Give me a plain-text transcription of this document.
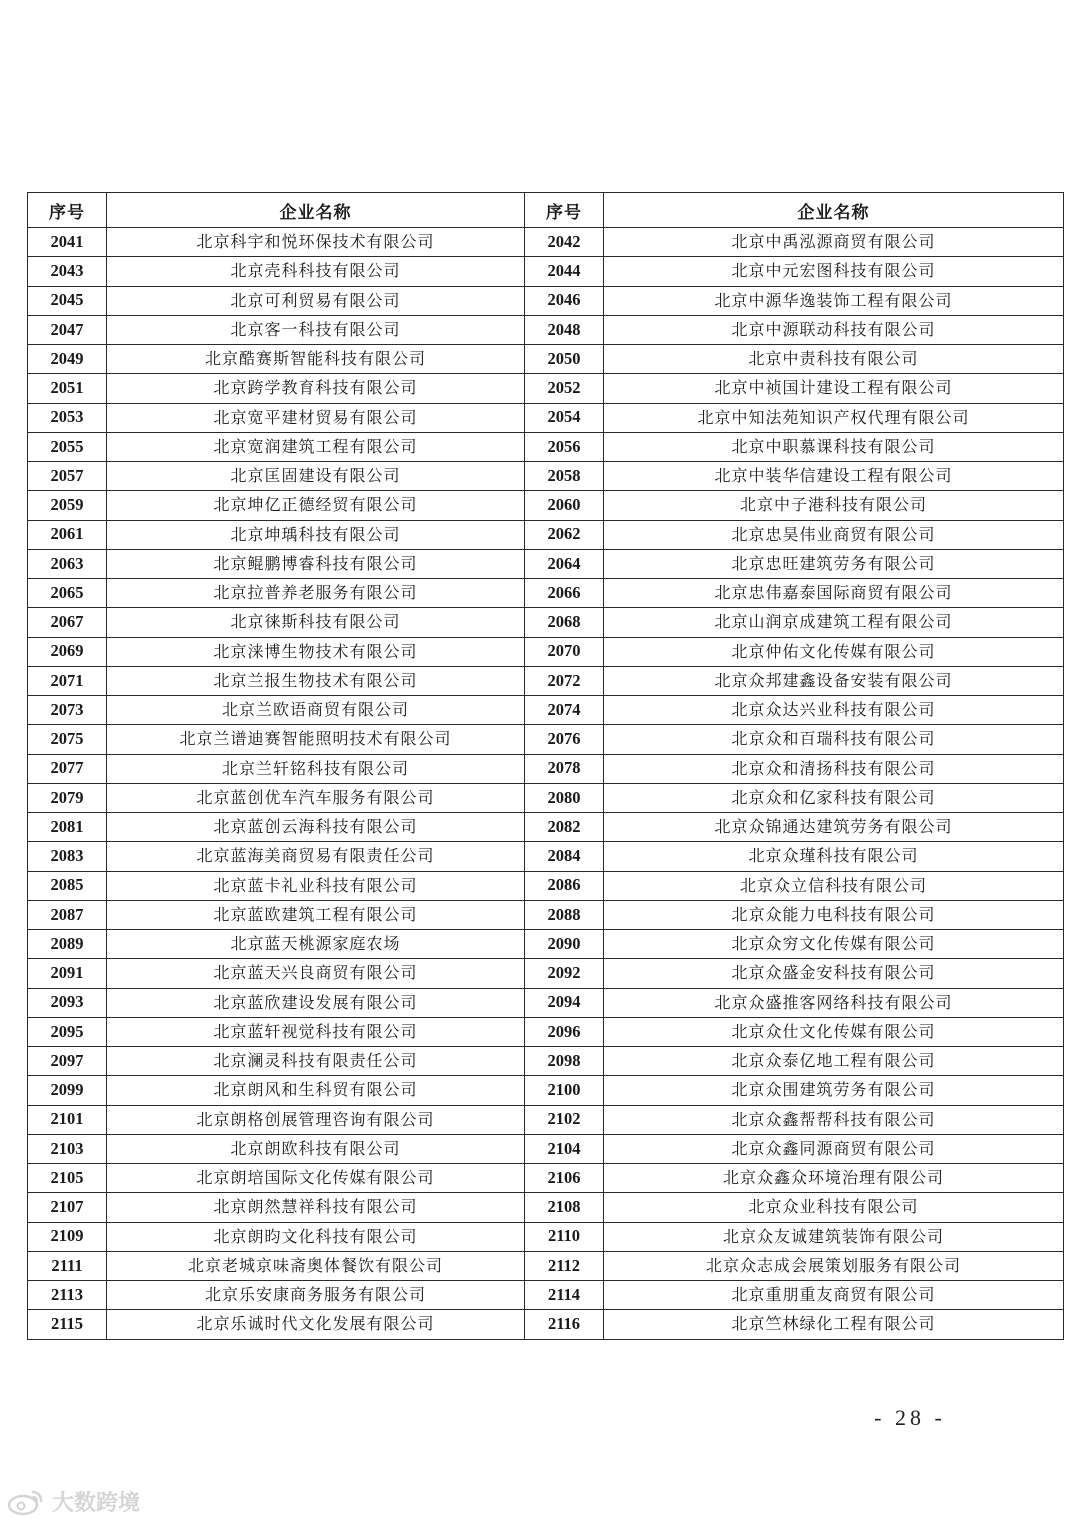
序号	企业名称	序号	企业名称
2041	北京科宇和悦环保技术有限公司	2042	北京中禹泓源商贸有限公司
2043	北京壳科科技有限公司	2044	北京中元宏图科技有限公司
2045	北京可利贸易有限公司	2046	北京中源华逸装饰工程有限公司
2047	北京客一科技有限公司	2048	北京中源联动科技有限公司
2049	北京酷赛斯智能科技有限公司	2050	北京中责科技有限公司
2051	北京跨学教育科技有限公司	2052	北京中祯国计建设工程有限公司
2053	北京宽平建材贸易有限公司	2054	北京中知法苑知识产权代理有限公司
2055	北京宽润建筑工程有限公司	2056	北京中职慕课科技有限公司
2057	北京匡固建设有限公司	2058	北京中装华信建设工程有限公司
2059	北京坤亿正德经贸有限公司	2060	北京中子港科技有限公司
2061	北京坤瑀科技有限公司	2062	北京忠昊伟业商贸有限公司
2063	北京鲲鹏博睿科技有限公司	2064	北京忠旺建筑劳务有限公司
2065	北京拉普养老服务有限公司	2066	北京忠伟嘉泰国际商贸有限公司
2067	北京徕斯科技有限公司	2068	北京山润京成建筑工程有限公司
2069	北京涞博生物技术有限公司	2070	北京仲佑文化传媒有限公司
2071	北京兰报生物技术有限公司	2072	北京众邦建鑫设备安装有限公司
2073	北京兰欧语商贸有限公司	2074	北京众达兴业科技有限公司
2075	北京兰谱迪赛智能照明技术有限公司	2076	北京众和百瑞科技有限公司
2077	北京兰轩铭科技有限公司	2078	北京众和清扬科技有限公司
2079	北京蓝创优车汽车服务有限公司	2080	北京众和亿家科技有限公司
2081	北京蓝创云海科技有限公司	2082	北京众锦通达建筑劳务有限公司
2083	北京蓝海美商贸易有限责任公司	2084	北京众瑾科技有限公司
2085	北京蓝卡礼业科技有限公司	2086	北京众立信科技有限公司
2087	北京蓝欧建筑工程有限公司	2088	北京众能力电科技有限公司
2089	北京蓝天桃源家庭农场	2090	北京众穷文化传媒有限公司
2091	北京蓝天兴良商贸有限公司	2092	北京众盛金安科技有限公司
2093	北京蓝欣建设发展有限公司	2094	北京众盛推客网络科技有限公司
2095	北京蓝轩视觉科技有限公司	2096	北京众仕文化传媒有限公司
2097	北京澜灵科技有限责任公司	2098	北京众泰亿地工程有限公司
2099	北京朗风和生科贸有限公司	2100	北京众围建筑劳务有限公司
2101	北京朗格创展管理咨询有限公司	2102	北京众鑫帮帮科技有限公司
2103	北京朗欧科技有限公司	2104	北京众鑫同源商贸有限公司
2105	北京朗培国际文化传媒有限公司	2106	北京众鑫众环境治理有限公司
2107	北京朗然慧祥科技有限公司	2108	北京众业科技有限公司
2109	北京朗昀文化科技有限公司	2110	北京众友诚建筑装饰有限公司
2111	北京老城京味斋奥体餐饮有限公司	2112	北京众志成会展策划服务有限公司
2113	北京乐安康商务服务有限公司	2114	北京重朋重友商贸有限公司
2115	北京乐诚时代文化发展有限公司	2116	北京竺林绿化工程有限公司
- 28 -
大数跨境
